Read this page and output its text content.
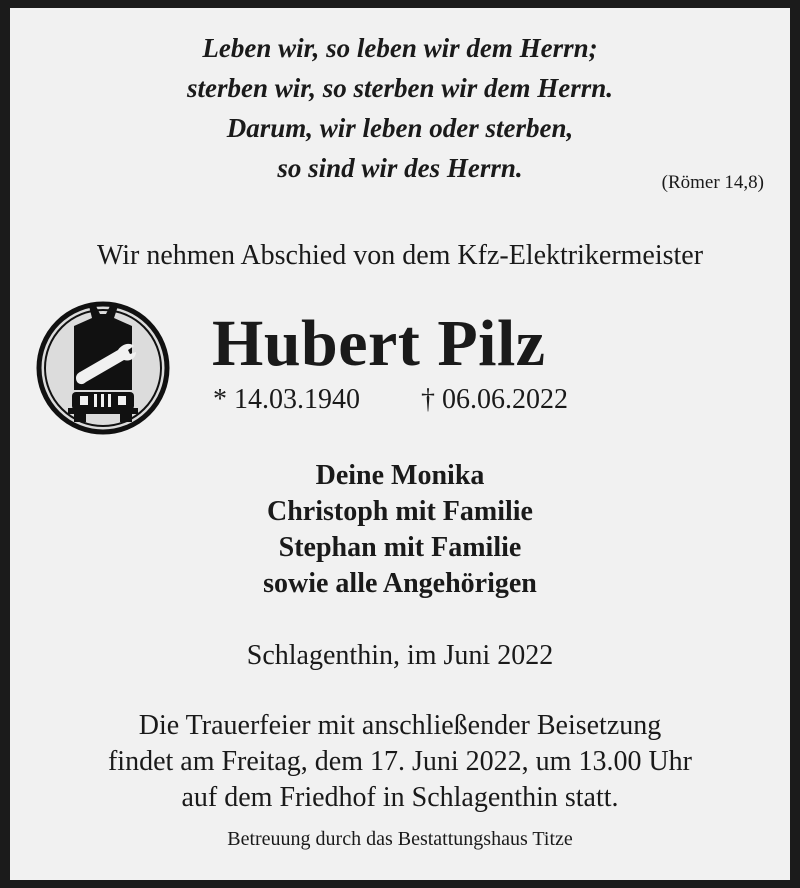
Leben wir, so leben wir dem Herrn;
sterben wir, so sterben wir dem Herrn.
Darum, wir leben oder sterben,
so sind wir des Herrn.	(Römer 14,8)
Wir nehmen Abschied von dem Kfz-Elektrikermeister
Hubert Pilz
* 14.03.1940 † 06.06.2022
Deine Monika
Christoph mit Familie
Stephan mit Familie
sowie alle Angehörigen
Schlagenthin, im Juni 2022
Die Trauerfeier mit anschließender Beisetzung
findet am Freitag, dem 17. Juni 2022, um 13.00 Uhr
auf dem Friedhof in Schlagenthin statt.
Betreuung durch das Bestattungshaus Titze
